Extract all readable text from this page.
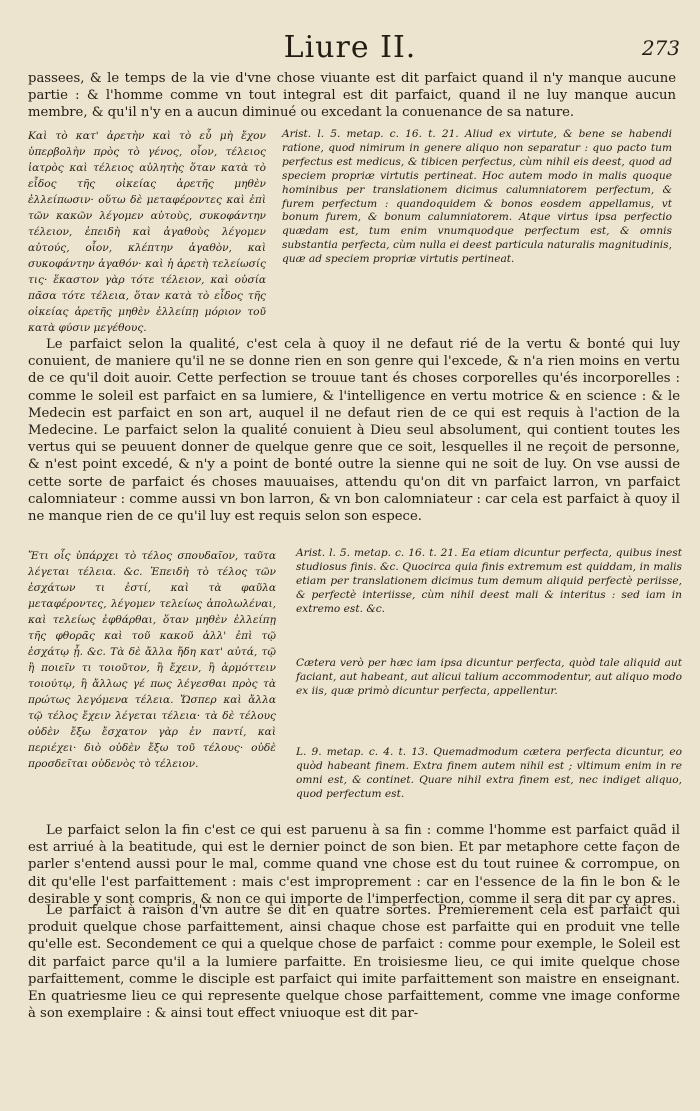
Liure II.	273

passees, & le temps de la vie d'vne chose viuante est dit parfaict quand il n'y manque aucune partie : & l'homme comme vn tout integral est dit parfaict, quand il ne luy manque aucun membre, & qu'il n'y en a aucun diminué ou excedant la conuenance de sa nature.

Καὶ τὸ κατ' ἀρετὴν καὶ τὸ εὖ μὴ ἔχον ὑπερβολὴν πρὸς τὸ γένος, οἷον, τέλειος ἰατρὸς καὶ τέλειος αὐλητὴς ὅταν κατὰ τὸ εἶδος τῆς οἰκείας ἀρετῆς μηθὲν ἐλλείπωσιν· οὕτω δὲ μεταφέροντες καὶ ἐπὶ τῶν κακῶν λέγομεν αὐτοὺς, συκοφάντην τέλειον, ἐπειδὴ καὶ ἀγαθοὺς λέγομεν αὐτούς, οἷον, κλέπτην ἀγαθὸν, καὶ συκοφάντην ἀγαθόν· καὶ ἡ ἀρετὴ τελείωσίς τις· ἕκαστον γὰρ τότε τέλειον, καὶ οὐσία πᾶσα τότε τέλεια, ὅταν κατὰ τὸ εἶδος τῆς οἰκείας ἀρετῆς μηθὲν ἐλλείπῃ μόριον τοῦ κατὰ φύσιν μεγέθους.

Arist. l. 5. metap. c. 16. t. 21. Aliud ex virtute, & bene se habendi ratione, quod nimirum in genere aliquo non separatur : quo pacto tum perfectus est medicus, & tibicen perfectus, cùm nihil eis deest, quod ad speciem propriæ virtutis pertineat. Hoc autem modo in malis quoque hominibus per translationem dicimus calumniatorem perfectum, & furem perfectum : quandoquidem & bonos eosdem appellamus, vt bonum furem, & bonum calumniatorem. Atque virtus ipsa perfectio quædam est, tum enim vnumquodque perfectum est, & omnis substantia perfecta, cùm nulla ei deest particula naturalis magnitudinis, quæ ad speciem propriæ virtutis pertineat.

Le parfaict selon la qualité, c'est cela à quoy il ne defaut rié de la vertu & bonté qui luy conuient, de maniere qu'il ne se donne rien en son genre qui l'excede, & n'a rien moins en vertu de ce qu'il doit auoir. Cette perfection se trouue tant és choses corporelles qu'és incorporelles : comme le soleil est parfaict en sa lumiere, & l'intelligence en vertu motrice & en science : & le Medecin est parfaict en son art, auquel il ne defaut rien de ce qui est requis à l'action de la Medecine. Le parfaict selon la qualité conuient à Dieu seul absolument, qui contient toutes les vertus qui se peuuent donner de quelque genre que ce soit, lesquelles il ne reçoit de personne, & n'est point excedé, & n'y a point de bonté outre la sienne qui ne soit de luy. On vse aussi de cette sorte de parfaict és choses mauuaises, attendu qu'on dit vn parfaict larron, vn parfaict calomniateur : comme aussi vn bon larron, & vn bon calomniateur : car cela est parfaict à quoy il ne manque rien de ce qu'il luy est requis selon son espece.

Ἔτι οἷς ὑπάρχει τὸ τέλος σπουδαῖον, ταῦτα λέγεται τέλεια. &c. Ἐπειδὴ τὸ τέλος τῶν ἐσχάτων τι ἐστί, καὶ τὰ φαῦλα μεταφέροντες, λέγομεν τελείως ἀπολωλέναι, καὶ τελείως ἐφθάρθαι, ὅταν μηθὲν ἐλλείπῃ τῆς φθορᾶς καὶ τοῦ κακοῦ ἀλλ' ἐπὶ τῷ ἐσχάτῳ ᾖ. &c. Τὰ δὲ ἄλλα ἤδη κατ' αὐτά, τῷ ἢ ποιεῖν τι τοιοῦτον, ἢ ἔχειν, ἢ ἁρμόττειν τοιούτῳ, ἢ ἄλλως γέ πως λέγεσθαι πρὸς τὰ πρώτως λεγόμενα τέλεια. Ὥσπερ καὶ ἄλλα τῷ τέλος ἔχειν λέγεται τέλεια· τὰ δὲ τέλους οὐδὲν ἔξω ἔσχατον γὰρ ἐν παντί, καὶ περιέχει· διὸ οὐδὲν ἔξω τοῦ τέλους· οὐδὲ προσδεῖται οὐδενὸς τὸ τέλειον.

Arist. l. 5. metap. c. 16. t. 21. Ea etiam dicuntur perfecta, quibus inest studiosus finis. &c. Quocirca quia finis extremum est quiddam, in malis etiam per translationem dicimus tum demum aliquid perfectè periisse, & perfectè interiisse, cùm nihil deest mali & interitus : sed iam in extremo est. &c.

Cætera verò per hæc iam ipsa dicuntur perfecta, quòd tale aliquid aut faciant, aut habeant, aut alicui talium accommodentur, aut aliquo modo ex iis, quæ primò dicuntur perfecta, appellentur.

L. 9. metap. c. 4. t. 13. Quemadmodum cætera perfecta dicuntur, eo quòd habeant finem. Extra finem autem nihil est ; vltimum enim in re omni est, & continet. Quare nihil extra finem est, nec indiget aliquo, quod perfectum est.

Le parfaict selon la fin c'est ce qui est paruenu à sa fin : comme l'homme est parfaict quãd il est arriué à la beatitude, qui est le dernier poinct de son bien. Et par metaphore cette façon de parler s'entend aussi pour le mal, comme quand vne chose est du tout ruinee & corrompue, on dit qu'elle l'est parfaittement : mais c'est improprement : car en l'essence de la fin le bon & le desirable y sont compris, & non ce qui importe de l'imperfection, comme il sera dit par cy apres.

Le parfaict à raison d'vn autre se dit en quatre sortes. Premierement cela est parfaict qui produit quelque chose parfaittement, ainsi chaque chose est parfaitte qui en produit vne telle qu'elle est. Secondement ce qui a quelque chose de parfaict : comme pour exemple, le Soleil est dit parfaict parce qu'il a la lumiere parfaitte. En troisiesme lieu, ce qui imite quelque chose parfaittement, comme le disciple est parfaict qui imite parfaittement son maistre en enseignant. En quatriesme lieu ce qui represente quelque chose parfaittement, comme vne image conforme à son exemplaire : & ainsi tout effect vniuoque est dit par-
